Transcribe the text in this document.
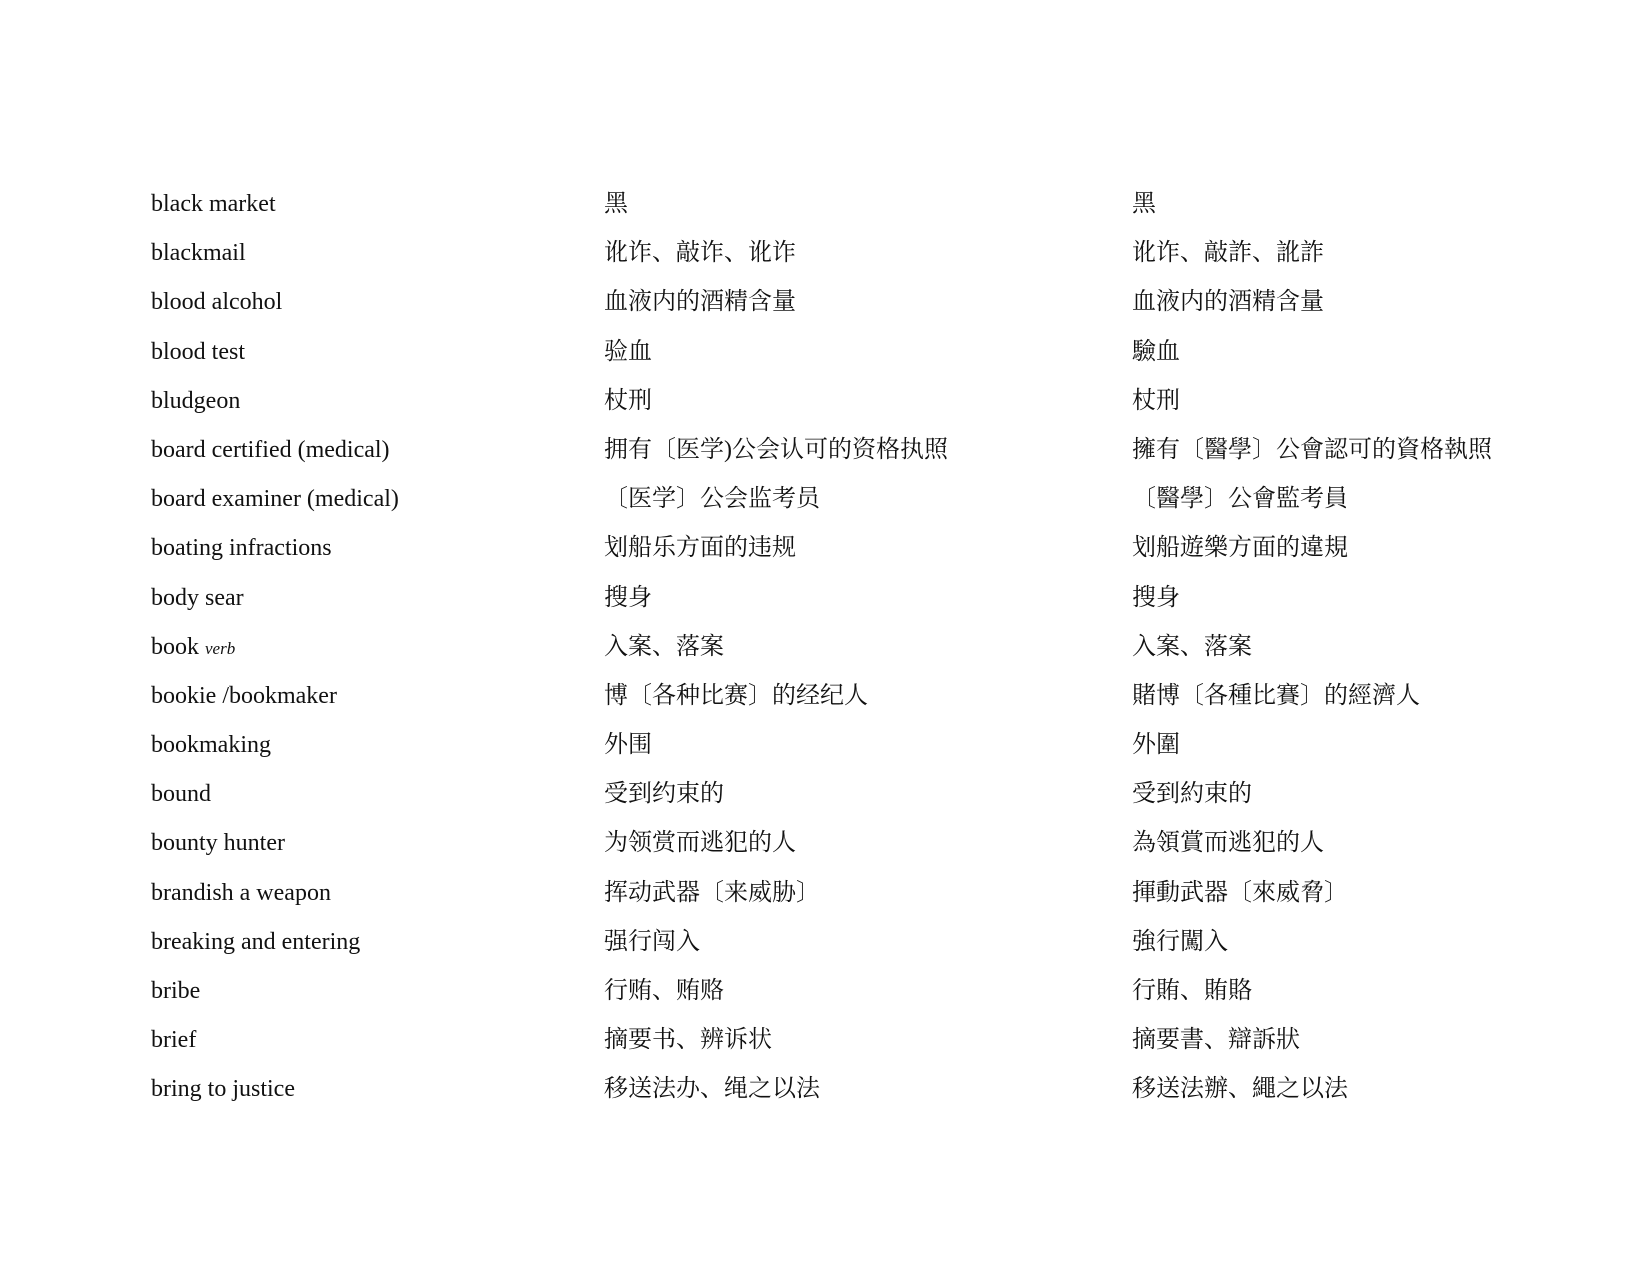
black market	黑	黑
blackmail	讹诈、敲诈、讹诈	讹诈、敲詐、訛詐
blood alcohol	血液内的酒精含量	血液内的酒精含量
blood test	验血	驗血
bludgeon	杖刑	杖刑
board certified (medical)	拥有〔医学)公会认可的资格执照	擁有〔醫學〕公會認可的資格執照
board examiner (medical)	〔医学〕公会监考员	〔醫學〕公會監考員
boating infractions	划船乐方面的违规	划船遊樂方面的違規
body sear	搜身	搜身
book verb	入案、落案	入案、落案
bookie /bookmaker	博〔各种比赛〕的经纪人	賭博〔各種比賽〕的經濟人
bookmaking	外围	外圍
bound	受到约束的	受到約束的
bounty hunter	为领赏而逃犯的人	為領賞而逃犯的人
brandish a weapon	挥动武器〔来威胁〕	揮動武器〔來威脅〕
breaking and entering	强行闯入	強行闖入
bribe	行贿、贿赂	行賄、賄賂
brief	摘要书、辨诉状	摘要書、辯訴狀
bring to justice	移送法办、绳之以法	移送法辦、繩之以法
